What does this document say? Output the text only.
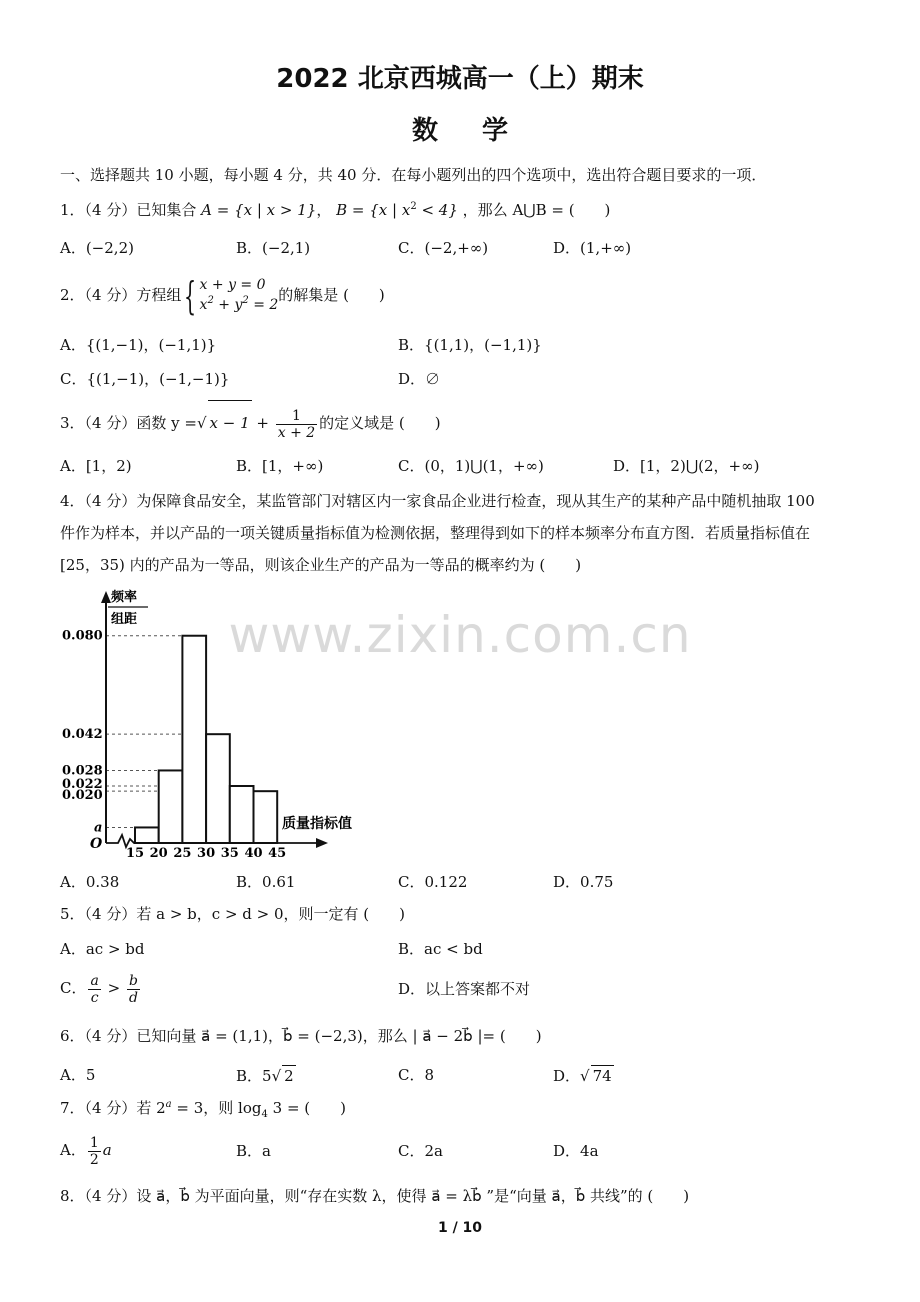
2022 北京西城高一（上）期末
数学
一、选择题共 10 小题，每小题 4 分，共 40 分．在每小题列出的四个选项中，选出符合题目要求的一项．
1．（4 分）已知集合 A = {x | x > 1}， B = {x | $x^2 < 4$} ，那么 A⋃B = (　　)
A．(−2,2)	B．(−2,1)	C．(−2,+∞)	D．(1,+∞)
2．（4 分）方程组{ x + y = 0
$x^2 + y^2 = 2$
的解集是 (　　)
A．{(1,−1)，(−1,1)}	B．{(1,1)，(−1,1)}
C．{(1,−1)，(−1,−1)}	D．∅
3．（4 分）函数 y =√ $x - 1 + \frac{1}{x + 2}$ 的定义域是 (　　)
A．[1，2)	B．[1，+∞)	C．(0，1)⋃(1，+∞)	D．[1，2)⋃(2，+∞)
4．（4 分）为保障食品安全，某监管部门对辖区内一家食品企业进行检查，现从其生产的某种产品中随机抽取 100
件作为样本，并以产品的一项关键质量指标值为检测依据，整理得到如下的样本频率分布直方图．若质量指标值在
[25，35) 内的产品为一等品，则该企业生产的产品为一等品的概率约为 (　　)
频率
组距
O
质量指标值
a
0.020
0.022
0.028
0.042
0.080
15 20 25 30 35 40 45
www.zixin.com.cn
A．0.38	B．0.61	C．0.122	D．0.75
5．（4 分）若 a > b，c > d > 0，则一定有 (　　)
A．ac > bd	B．ac < bd
C． $\frac{a}{c} > \frac{b}{d}$	D．以上答案都不对
6．（4 分）已知向量 a⃗ = (1,1)，b⃗ = (−2,3)，那么 | a⃗ − 2b⃗ |= (　　)
A．5	B．5√ 2	C．8	D．√ 74
7．（4 分）若 $2^a = 3$，则 $\log_4 3$ = (　　)
A． $\frac{1}{2}$ a	B．a	C．2a	D．4a
8．（4 分）设 a⃗，b⃗ 为平面向量，则“存在实数 λ，使得 a⃗ = λb⃗ ”是“向量 a⃗，b⃗ 共线”的 (　　)
1 / 10
